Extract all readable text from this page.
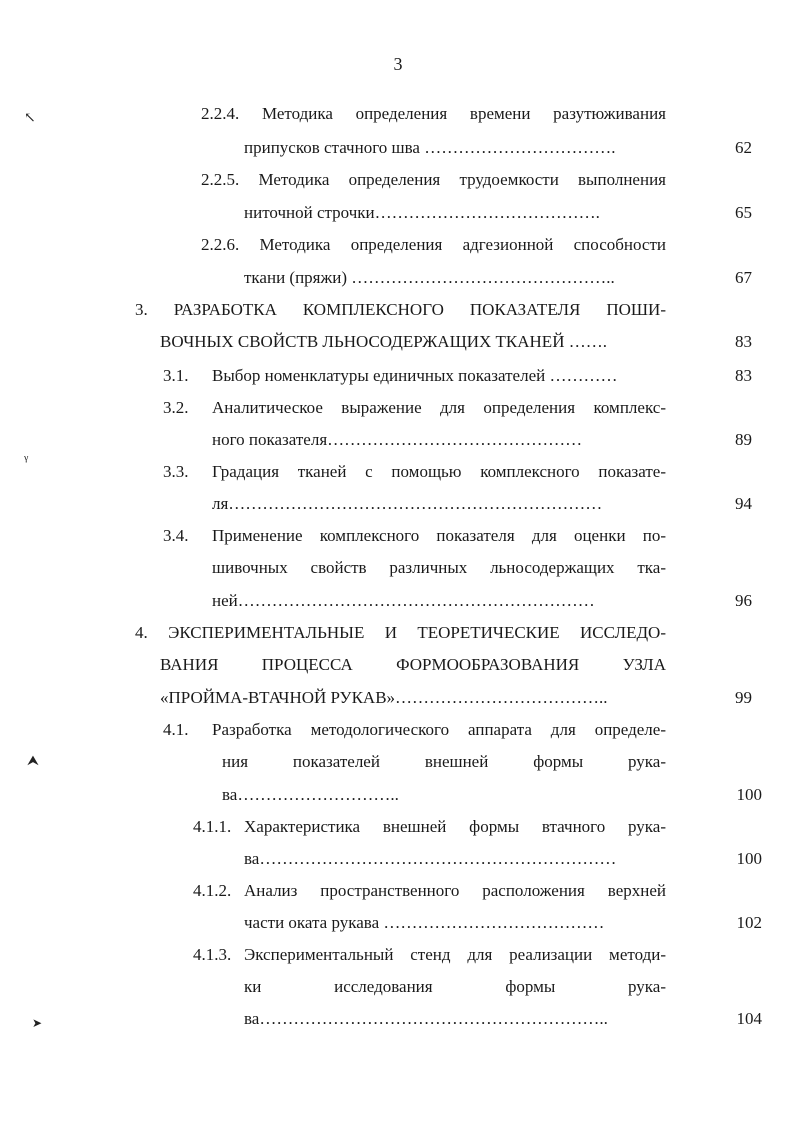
3
↖
ᵞ
⮝
➤
2.2.4. Методика определения времени разутюживания
припусков стачного шва …………………………….	62
2.2.5. Методика определения трудоемкости выполнения
ниточной строчки………………………………….	65
2.2.6. Методика определения адгезионной способности
ткани (пряжи) ………………………………………..	67
3. РАЗРАБОТКА КОМПЛЕКСНОГО ПОКАЗАТЕЛЯ ПОШИ-
ВОЧНЫХ СВОЙСТВ ЛЬНОСОДЕРЖАЩИХ ТКАНЕЙ …….	83
3.1. Выбор номенклатуры единичных показателей …………	83
3.2. Аналитическое выражение для определения комплекс-
ного показателя………………………………………	89
3.3. Градация тканей с помощью комплексного показате-
ля…………………………………………………………	94
3.4. Применение комплексного показателя для оценки по-
шивочных свойств различных льносодержащих тка-
ней………………………………………………………	96
4. ЭКСПЕРИМЕНТАЛЬНЫЕ И ТЕОРЕТИЧЕСКИЕ ИССЛЕДО-
ВАНИЯ ПРОЦЕССА ФОРМООБРАЗОВАНИЯ УЗЛА
«ПРОЙМА-ВТАЧНОЙ РУКАВ»………………………………..	99
4.1. Разработка методологического аппарата для определе-
ния показателей внешней формы рука-
ва………………………..	100
4.1.1. Характеристика внешней формы втачного рука-
ва………………………………………………………	100
4.1.2. Анализ пространственного расположения верхней
части оката рукава …………………………………	102
4.1.3. Экспериментальный стенд для реализации методи-
ки исследования формы рука-
ва……………………………………………………..	104
